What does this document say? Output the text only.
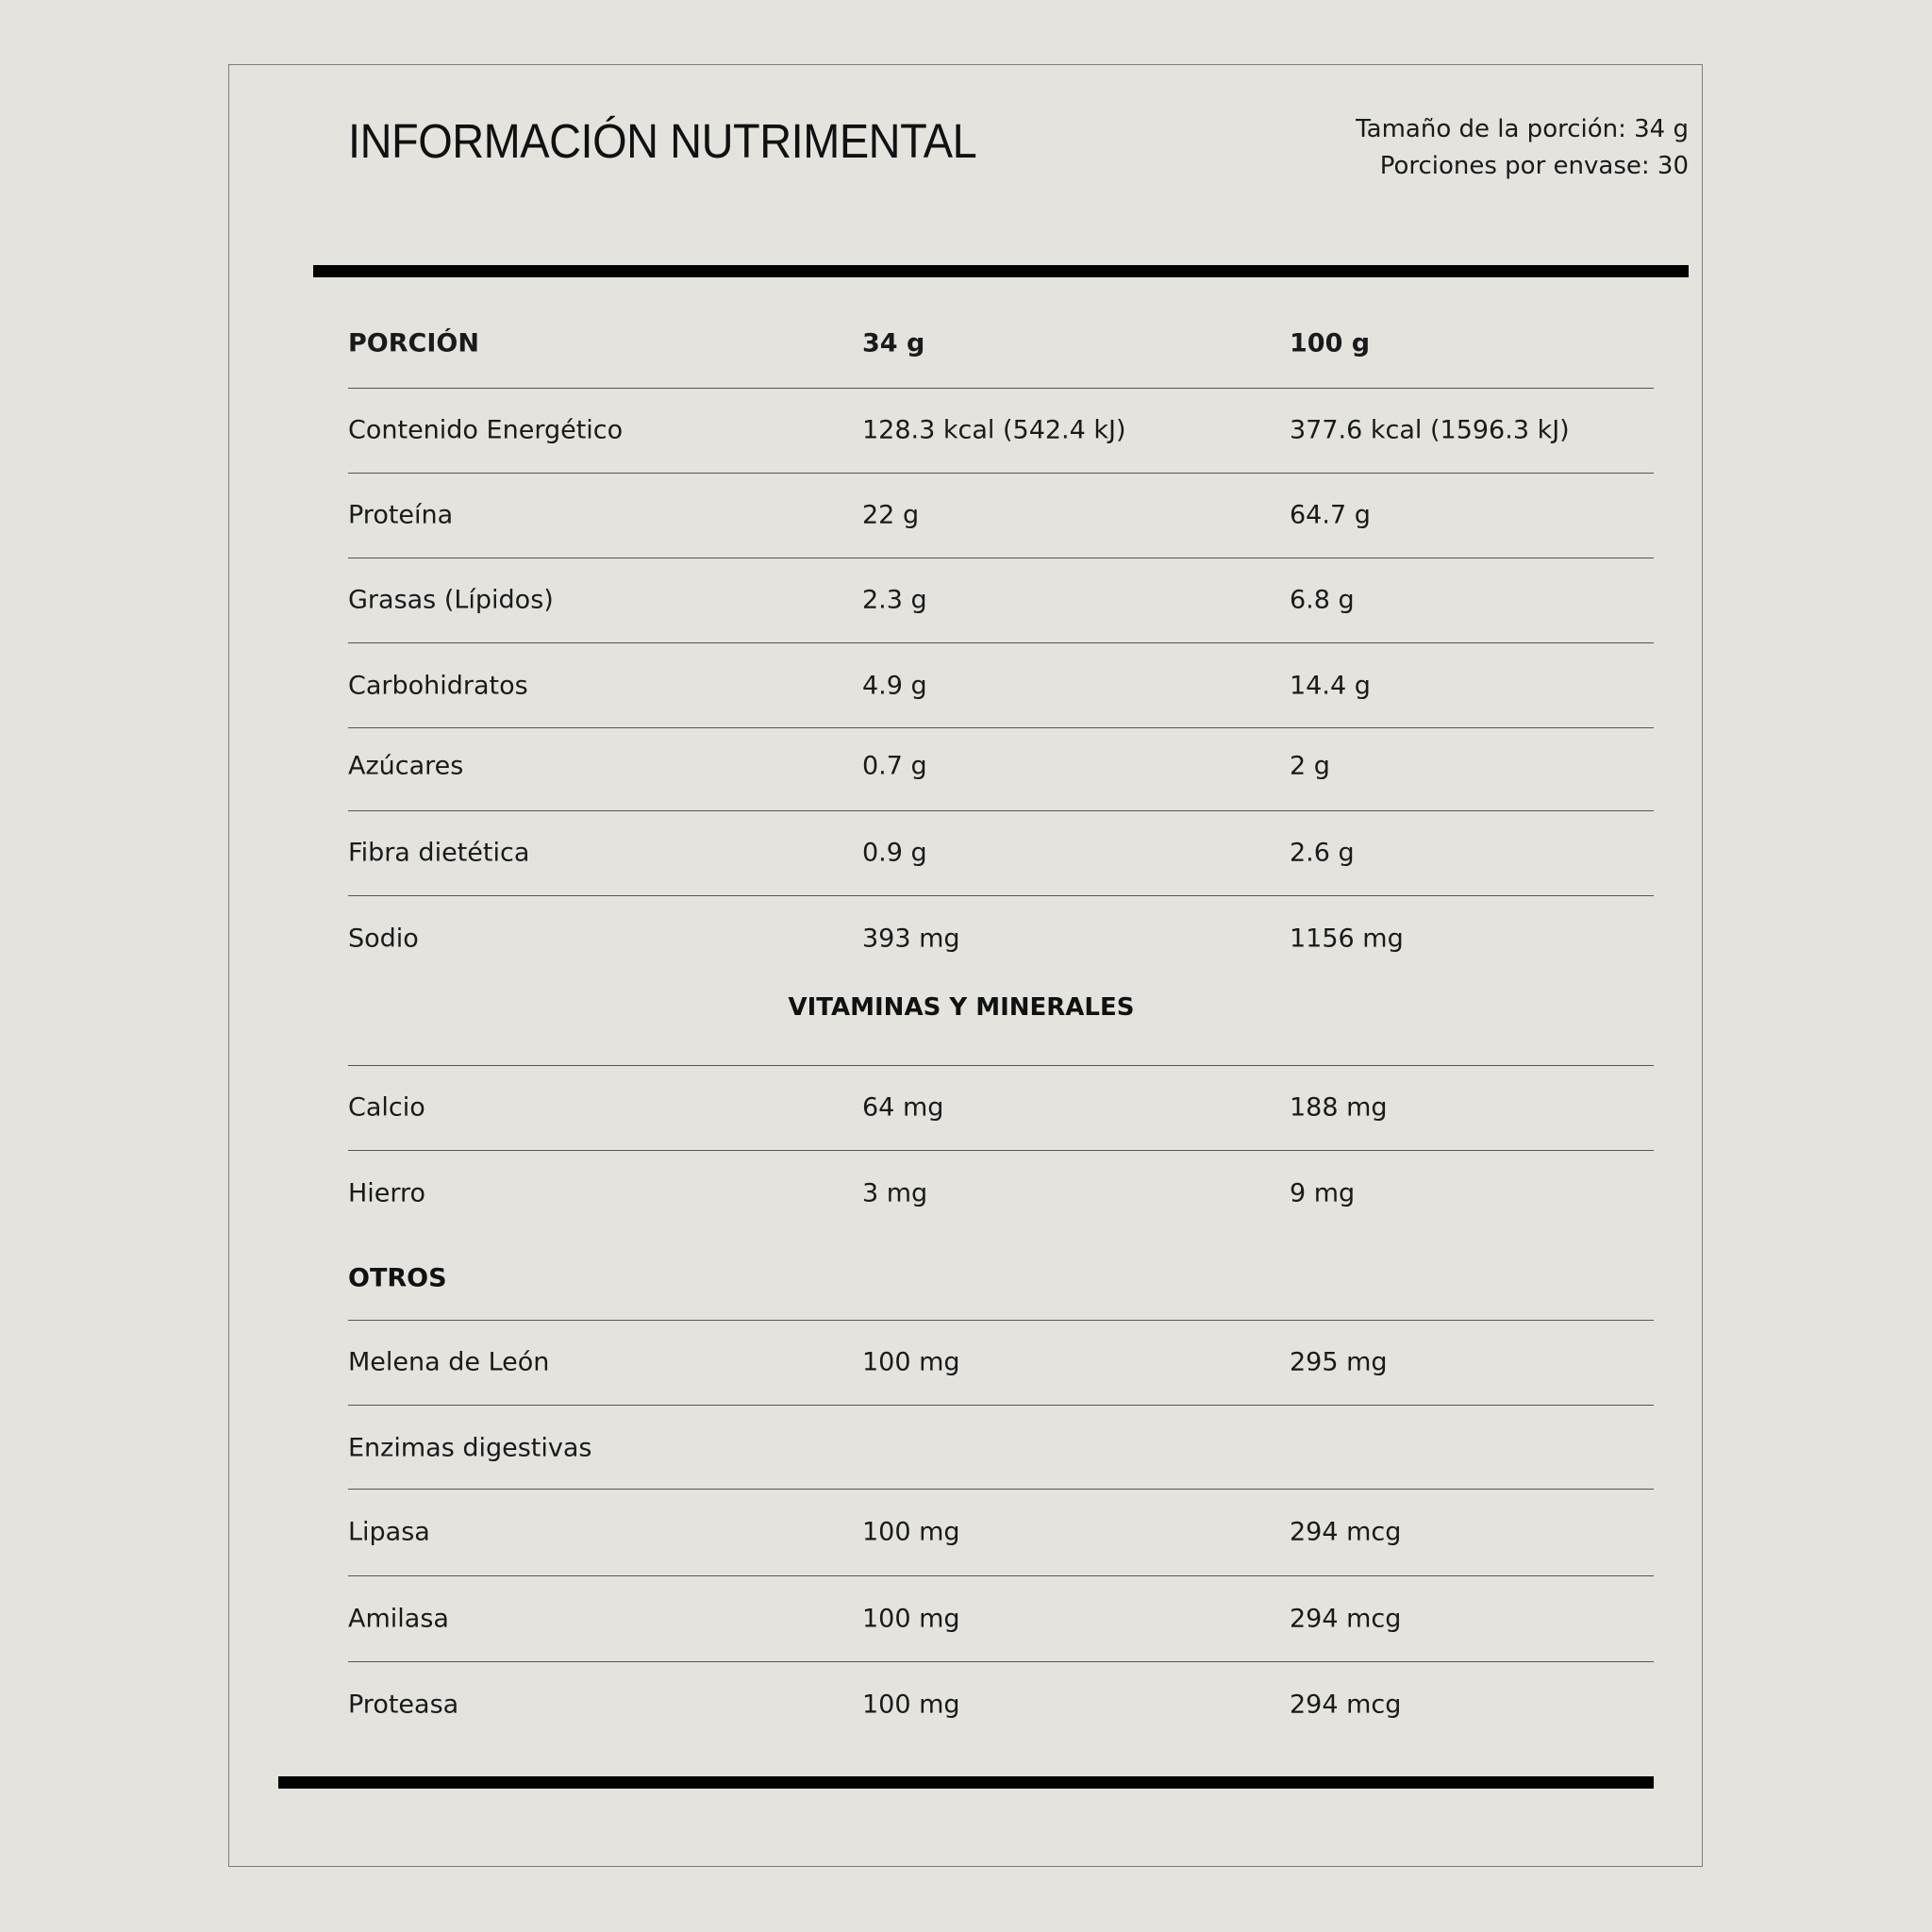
INFORMACIÓN NUTRIMENTAL	Tamaño de la porción: 34 g
Porciones por envase: 30
PORCIÓN	34 g	100 g
Contenido Energético	128.3 kcal (542.4 kJ)	377.6 kcal (1596.3 kJ)
Proteína	22 g	64.7 g
Grasas (Lípidos)	2.3 g	6.8 g
Carbohidratos	4.9 g	14.4 g
Azúcares	0.7 g	2 g
Fibra dietética	0.9 g	2.6 g
Sodio	393 mg	1156 mg
VITAMINAS Y MINERALES
Calcio	64 mg	188 mg
Hierro	3 mg	9 mg
OTROS
Melena de León	100 mg	295 mg
Enzimas digestivas
Lipasa	100 mg	294 mcg
Amilasa	100 mg	294 mcg
Proteasa	100 mg	294 mcg
